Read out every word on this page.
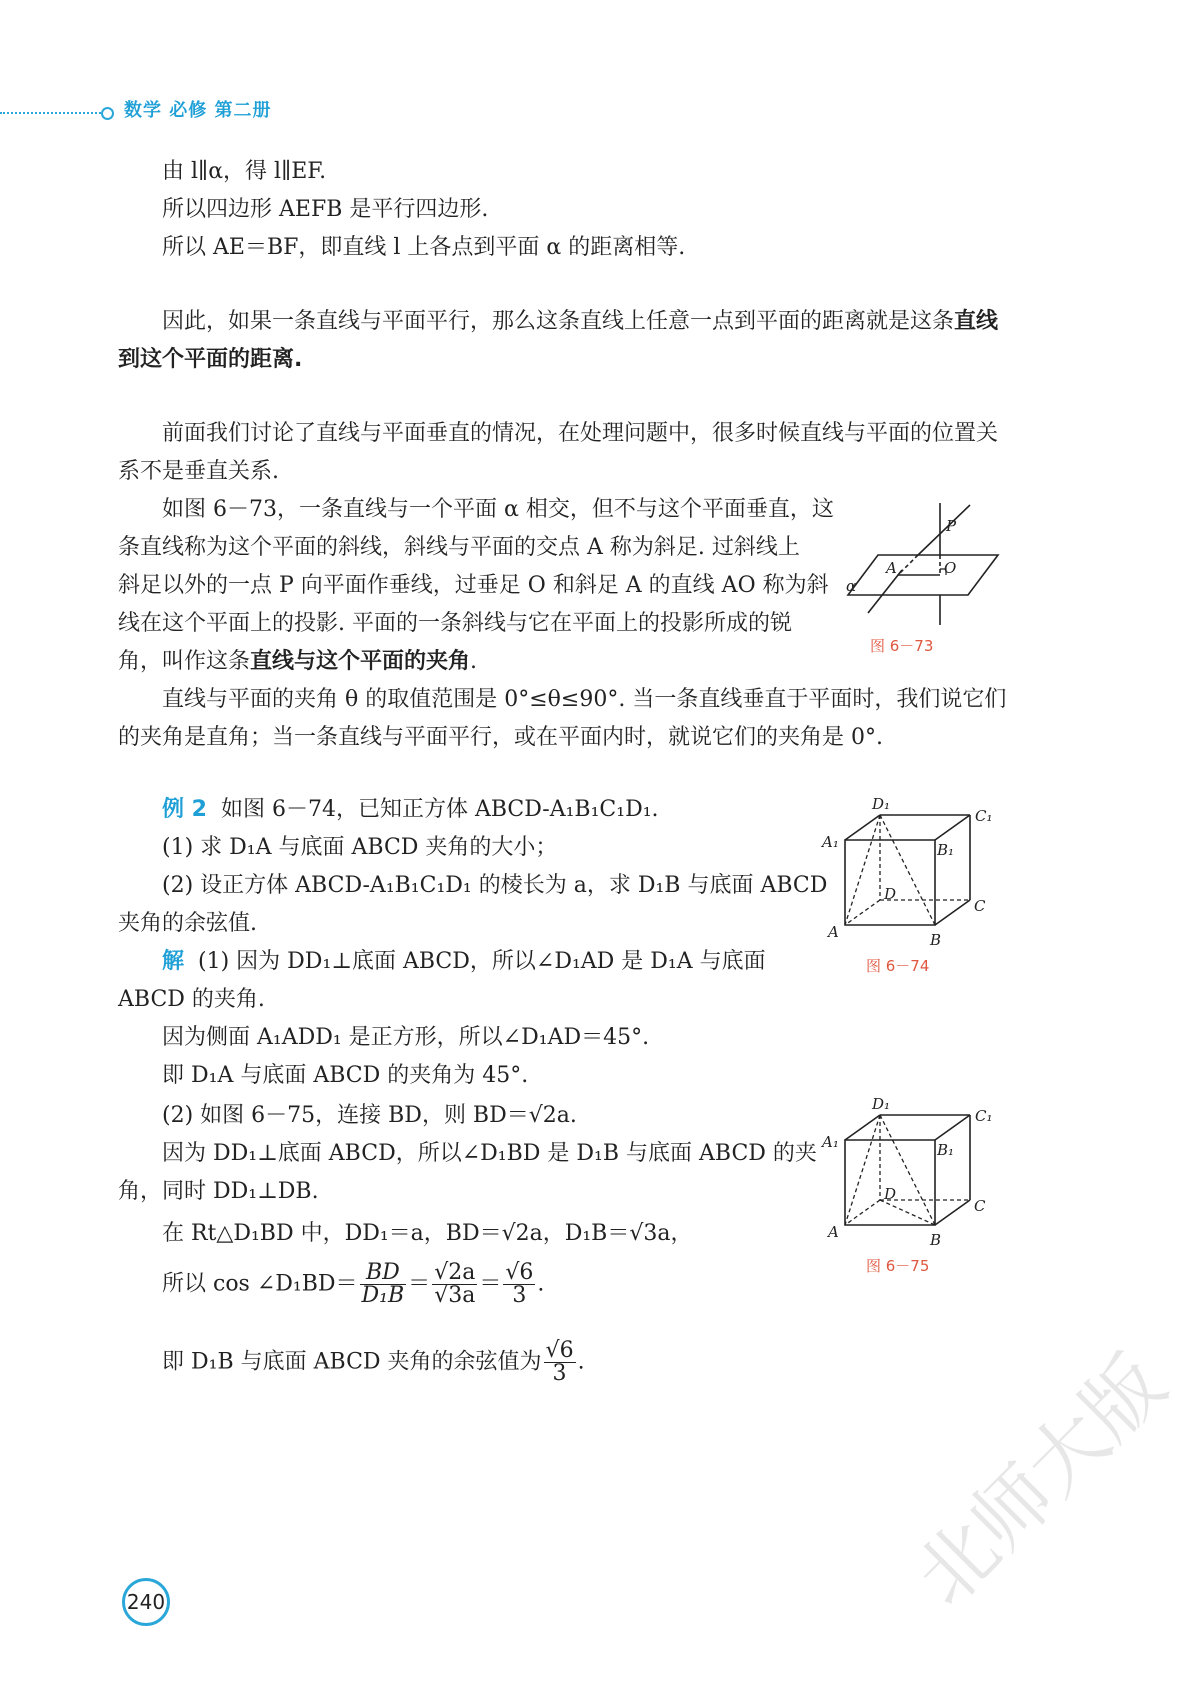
数学 必修 第二册
由 l∥α，得 l∥EF.
所以四边形 AEFB 是平行四边形.
所以 AE＝BF，即直线 l 上各点到平面 α 的距离相等.
因此，如果一条直线与平面平行，那么这条直线上任意一点到平面的距离就是这条直线
到这个平面的距离.
前面我们讨论了直线与平面垂直的情况，在处理问题中，很多时候直线与平面的位置关
系不是垂直关系.
如图 6－73，一条直线与一个平面 α 相交，但不与这个平面垂直，这
条直线称为这个平面的斜线，斜线与平面的交点 A 称为斜足. 过斜线上
斜足以外的一点 P 向平面作垂线，过垂足 O 和斜足 A 的直线 AO 称为斜
线在这个平面上的投影. 平面的一条斜线与它在平面上的投影所成的锐
角，叫作这条直线与这个平面的夹角.
直线与平面的夹角 θ 的取值范围是 0°≤θ≤90°. 当一条直线垂直于平面时，我们说它们
的夹角是直角；当一条直线与平面平行，或在平面内时，就说它们的夹角是 0°.
P
A	O
α
图 6－73
例 2 如图 6－74，已知正方体 ABCD-A₁B₁C₁D₁.
(1) 求 D₁A 与底面 ABCD 夹角的大小；
(2) 设正方体 ABCD-A₁B₁C₁D₁ 的棱长为 a，求 D₁B 与底面 ABCD
夹角的余弦值.
解 (1) 因为 DD₁⊥底面 ABCD，所以∠D₁AD 是 D₁A 与底面
ABCD 的夹角.
因为侧面 A₁ADD₁ 是正方形，所以∠D₁AD＝45°.
即 D₁A 与底面 ABCD 的夹角为 45°.
(2) 如图 6－75，连接 BD，则 BD＝√2a.
因为 DD₁⊥底面 ABCD，所以∠D₁BD 是 D₁B 与底面 ABCD 的夹
角，同时 DD₁⊥DB.
在 Rt△D₁BD 中，DD₁＝a，BD＝√2a，D₁B＝√3a，
所以 cos ∠D₁BD＝ $\frac{BD}{\text{D₁B}} = \frac{√2a}{√3a} = \frac{√6}{3}$ .
即 D₁B 与底面 ABCD 夹角的余弦值为 $\frac{√6}{3}$ .
D₁
C₁
A₁	B₁
D
C
A	B
图 6－74
D₁
C₁
A₁	B₁
D
C
A	B
图 6－75
240	北师大版
